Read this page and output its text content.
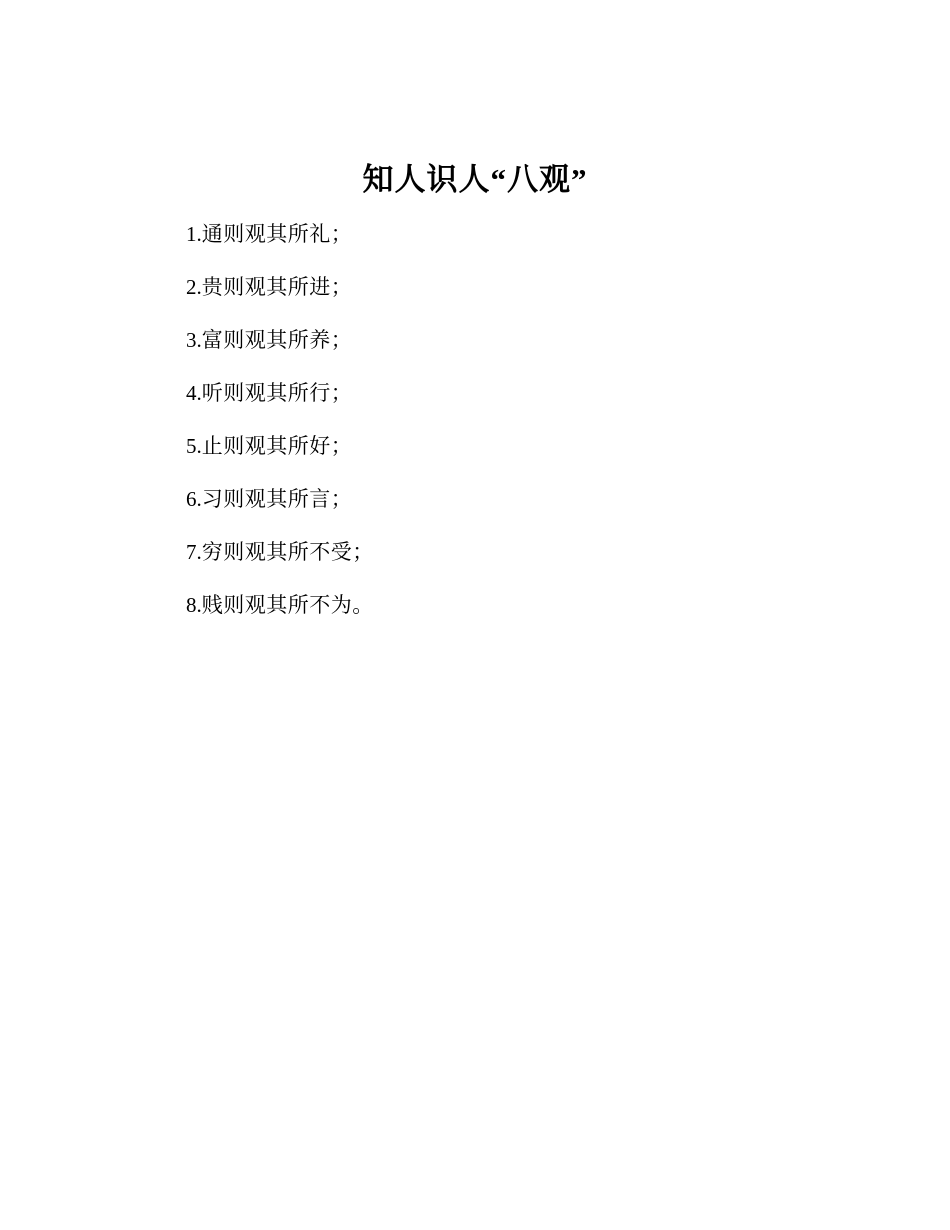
知人识人“八观”
1.通则观其所礼；
2.贵则观其所进；
3.富则观其所养；
4.听则观其所行；
5.止则观其所好；
6.习则观其所言；
7.穷则观其所不受；
8.贱则观其所不为。
